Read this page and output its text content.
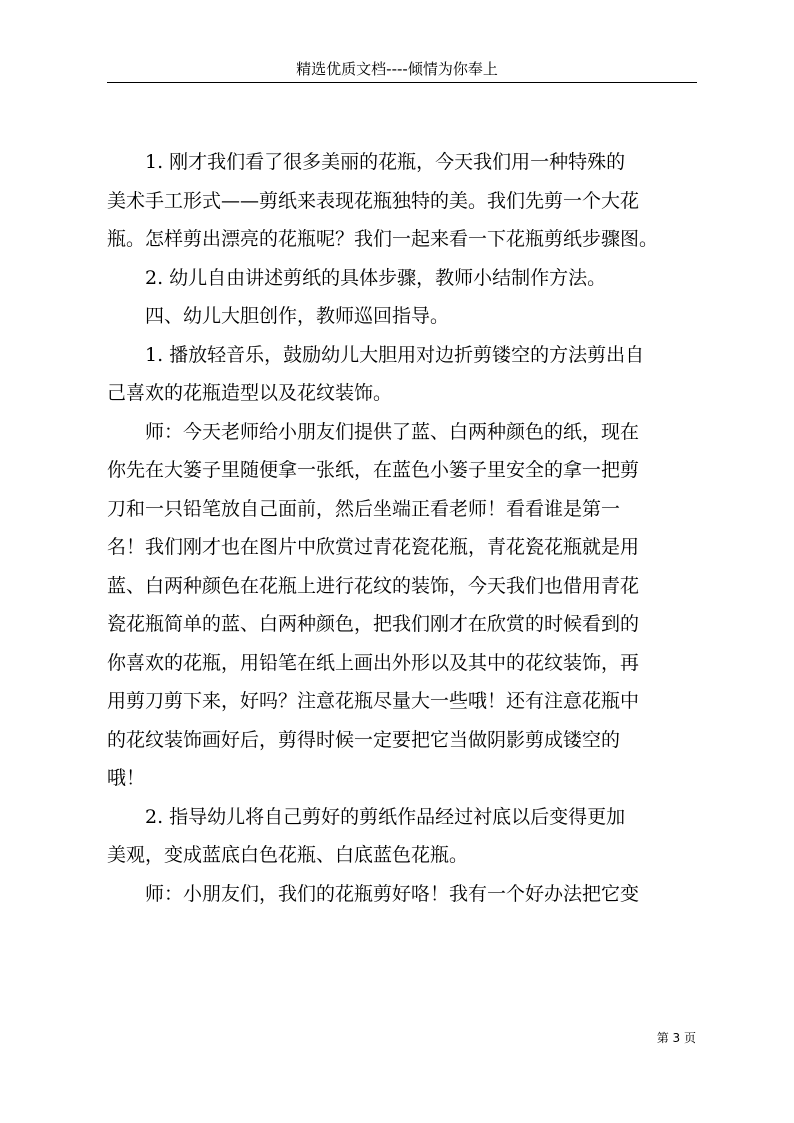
精选优质文档----倾情为你奉上
1. 刚才我们看了很多美丽的花瓶，今天我们用一种特殊的
美术手工形式——剪纸来表现花瓶独特的美。我们先剪一个大花
瓶。怎样剪出漂亮的花瓶呢？我们一起来看一下花瓶剪纸步骤图。
2. 幼儿自由讲述剪纸的具体步骤，教师小结制作方法。
四、幼儿大胆创作，教师巡回指导。
1. 播放轻音乐，鼓励幼儿大胆用对边折剪镂空的方法剪出自
己喜欢的花瓶造型以及花纹装饰。
师：今天老师给小朋友们提供了蓝、白两种颜色的纸，现在
你先在大篓子里随便拿一张纸，在蓝色小篓子里安全的拿一把剪
刀和一只铅笔放自己面前，然后坐端正看老师！看看谁是第一
名！我们刚才也在图片中欣赏过青花瓷花瓶，青花瓷花瓶就是用
蓝、白两种颜色在花瓶上进行花纹的装饰，今天我们也借用青花
瓷花瓶简单的蓝、白两种颜色，把我们刚才在欣赏的时候看到的
你喜欢的花瓶，用铅笔在纸上画出外形以及其中的花纹装饰，再
用剪刀剪下来，好吗？注意花瓶尽量大一些哦！还有注意花瓶中
的花纹装饰画好后，剪得时候一定要把它当做阴影剪成镂空的
哦！
2. 指导幼儿将自己剪好的剪纸作品经过衬底以后变得更加
美观，变成蓝底白色花瓶、白底蓝色花瓶。
师：小朋友们，我们的花瓶剪好咯！我有一个好办法把它变
第 3 页
